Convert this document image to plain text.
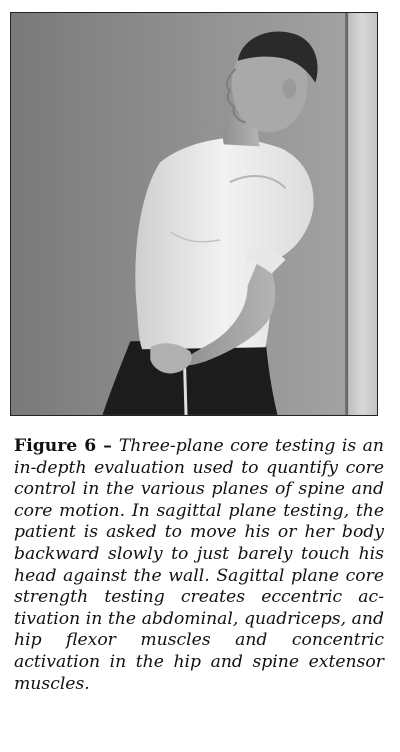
Figure 6 – Three-plane core testing is an in-depth evaluation used to quantify core control in the various planes of spine and core motion. In sagittal plane testing, the patient is asked to move his or her body backward slowly to just barely touch his head against the wall. Sagittal plane core strength testing creates eccentric activation in the abdominal, quadriceps, and hip flexor muscles and concentric activation in the hip and spine extensor muscles.
